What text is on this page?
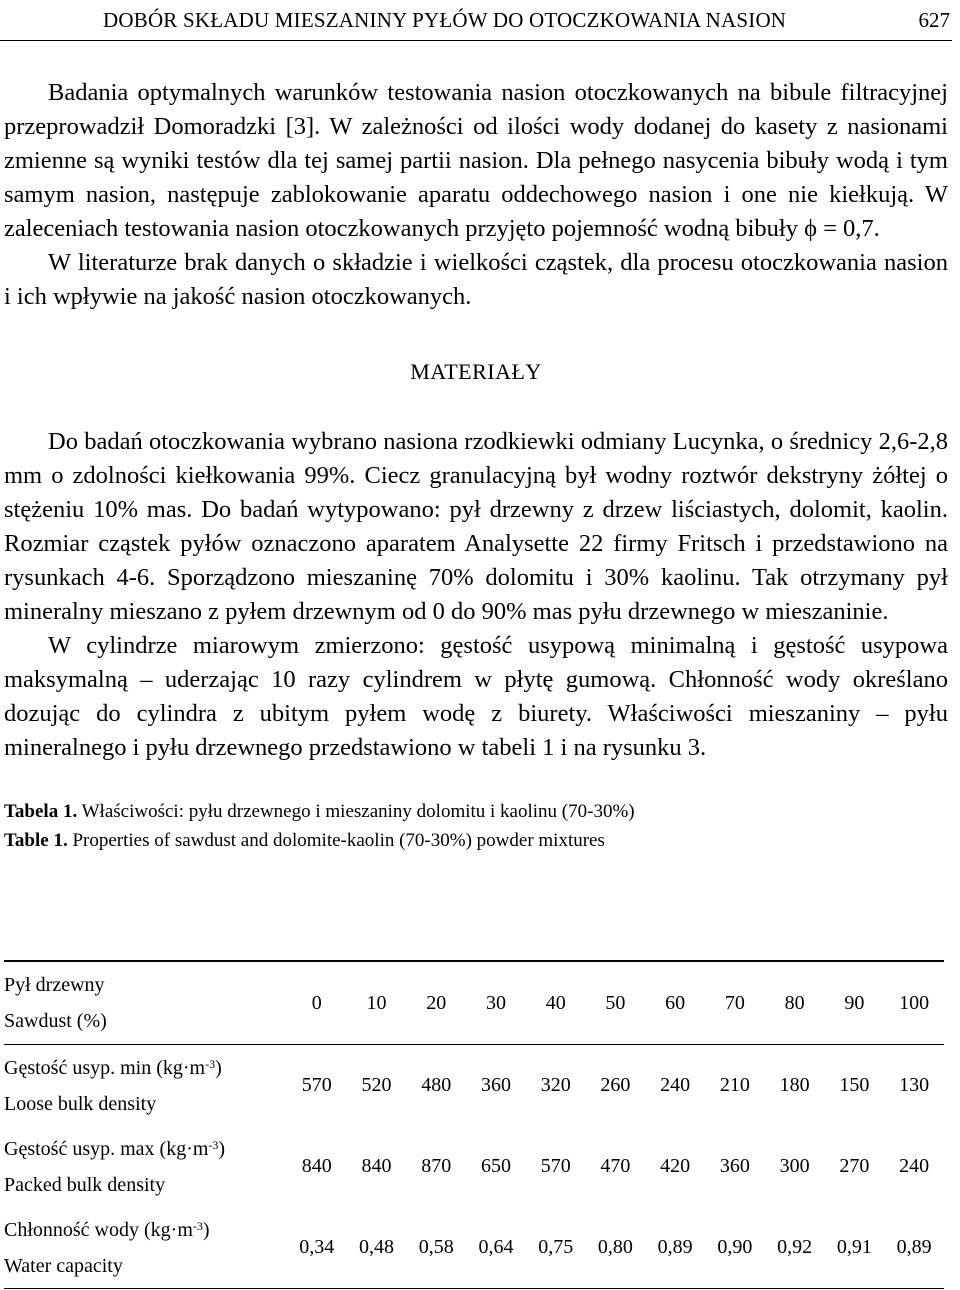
DOBÓR SKŁADU MIESZANINY PYŁÓW DO OTOCZKOWANIA NASION	627

Badania optymalnych warunków testowania nasion otoczkowanych na bibule filtracyjnej przeprowadził Domoradzki [3]. W zależności od ilości wody dodanej do kasety z nasionami zmienne są wyniki testów dla tej samej partii nasion. Dla pełnego nasycenia bibuły wodą i tym samym nasion, następuje zablokowanie aparatu oddechowego nasion i one nie kiełkują. W zaleceniach testowania nasion otoczkowanych przyjęto pojemność wodną bibuły ϕ = 0,7.

W literaturze brak danych o składzie i wielkości cząstek, dla procesu otoczkowania nasion i ich wpływie na jakość nasion otoczkowanych.

MATERIAŁY

Do badań otoczkowania wybrano nasiona rzodkiewki odmiany Lucynka, o średnicy 2,6-2,8 mm o zdolności kiełkowania 99%. Ciecz granulacyjną był wodny roztwór dekstryny żółtej o stężeniu 10% mas. Do badań wytypowano: pył drzewny z drzew liściastych, dolomit, kaolin. Rozmiar cząstek pyłów oznaczono aparatem Analysette 22 firmy Fritsch i przedstawiono na rysunkach 4-6. Sporządzono mieszaninę 70% dolomitu i 30% kaolinu. Tak otrzymany pył mineralny mieszano z pyłem drzewnym od 0 do 90% mas pyłu drzewnego w mieszaninie.

W cylindrze miarowym zmierzono: gęstość usypową minimalną i gęstość usypowa maksymalną – uderzając 10 razy cylindrem w płytę gumową. Chłonność wody określano dozując do cylindra z ubitym pyłem wodę z biurety. Właściwości mieszaniny – pyłu mineralnego i pyłu drzewnego przedstawiono w tabeli 1 i na rysunku 3.

Tabela 1. Właściwości: pyłu drzewnego i mieszaniny dolomitu i kaolinu (70-30%)
Table 1. Properties of sawdust and dolomite-kaolin (70-30%) powder mixtures
Pył drzewny
Sawdust (%)	0	10	20	30	40	50	60	70	80	90	100

Gęstość usyp. $\min (kg\cdot m^{-3})$
Loose bulk density	570	520	480	360	320	260	240	210	180	150	130

Gęstość usyp. $\max (kg\cdot m^{-3})$
Packed bulk density	840	840	870	650	570	470	420	360	300	270	240

Chłonność wody $(kg\cdot m^{-3})$
Water capacity	0,34	0,48	0,58	0,64	0,75	0,80	0,89	0,90	0,92	0,91	0,89
